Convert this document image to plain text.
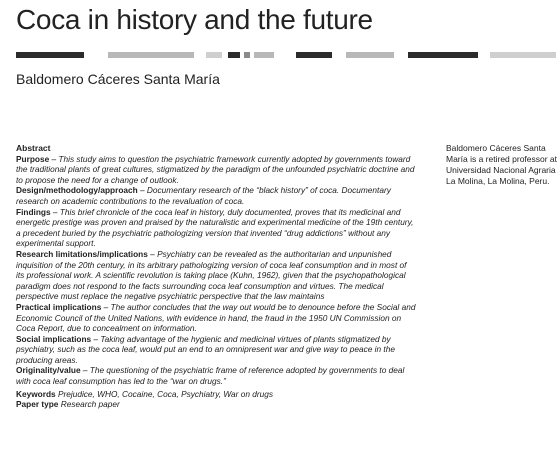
Coca in history and the future
Baldomero Cáceres Santa María

Abstract

Purpose – This study aims to question the psychiatric framework currently adopted by governments toward the traditional plants of great cultures, stigmatized by the paradigm of the unfounded psychiatric doctrine and to propose the need for a change of outlook.

Design/methodology/approach – Documentary research of the “black history” of coca. Documentary research on academic contributions to the revaluation of coca.

Findings – This brief chronicle of the coca leaf in history, duly documented, proves that its medicinal and energetic prestige was proven and praised by the naturalistic and experimental medicine of the 19th century, a precedent buried by the psychiatric pathologizing version that invented “drug addictions” without any experimental support.

Research limitations/implications – Psychiatry can be revealed as the authoritarian and unpunished inquisition of the 20th century, in its arbitrary pathologizing version of coca leaf consumption and in most of its professional work. A scientific revolution is taking place (Kuhn, 1962), given that the psychopathological paradigm does not respond to the facts surrounding coca leaf consumption and virtues. The medical perspective must replace the negative psychiatric perspective that the law maintains

Practical implications – The author concludes that the way out would be to denounce before the Social and Economic Council of the United Nations, with evidence in hand, the fraud in the 1950 UN Commission on Coca Report, due to concealment on information.

Social implications – Taking advantage of the hygienic and medicinal virtues of plants stigmatized by psychiatry, such as the coca leaf, would put an end to an omnipresent war and give way to peace in the producing areas.

Originality/value – The questioning of the psychiatric frame of reference adopted by governments to deal with coca leaf consumption has led to the “war on drugs.”

Keywords Prejudice, WHO, Cocaine, Coca, Psychiatry, War on drugs

Paper type Research paper

Baldomero Cáceres Santa María is a retired professor at Universidad Nacional Agraria La Molina, La Molina, Peru.
